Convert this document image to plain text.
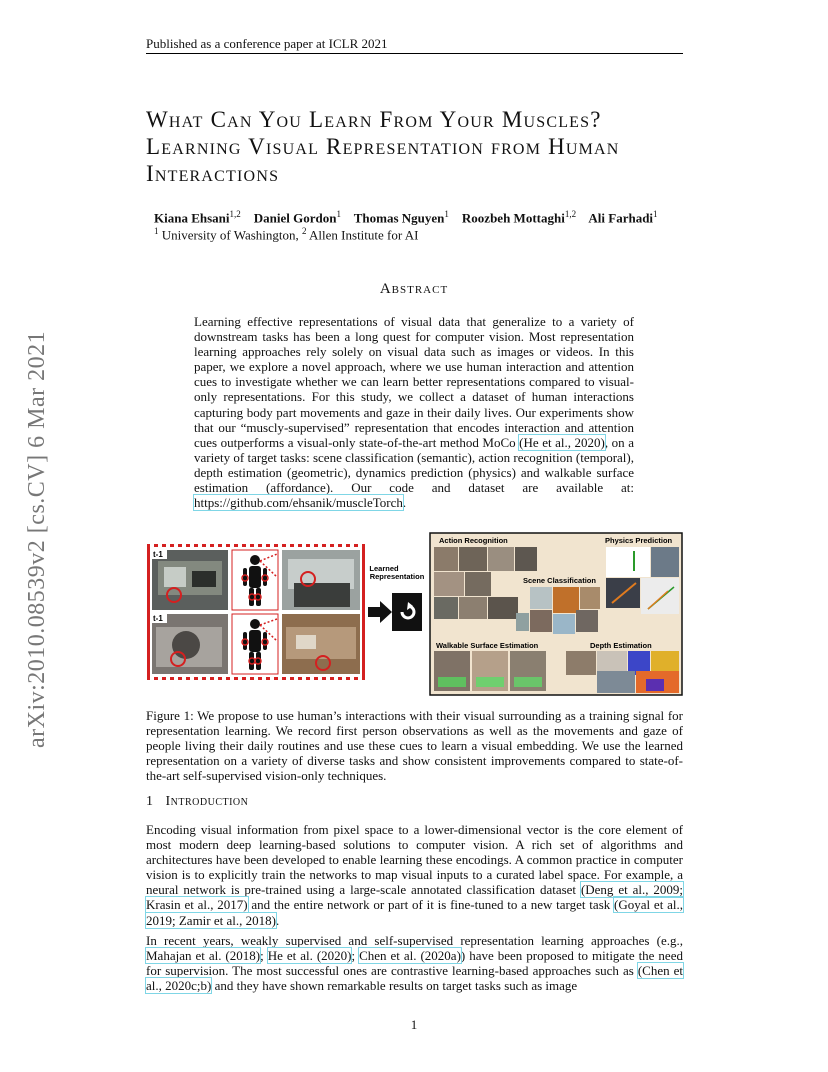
Published as a conference paper at ICLR 2021
What Can You Learn From Your Muscles?
Learning Visual Representation from Human
Interactions
Kiana Ehsani$^{1,2}$ Daniel Gordon$^1$ Thomas Nguyen$^1$ Roozbeh Mottaghi$^{1,2}$ Ali Farhadi$^1$
$^1$ University of Washington, $^2$ Allen Institute for AI
Abstract
Learning effective representations of visual data that generalize to a variety of downstream tasks has been a long quest for computer vision. Most representation learning approaches rely solely on visual data such as images or videos. In this paper, we explore a novel approach, where we use human interaction and attention cues to investigate whether we can learn better representations compared to visual-only representations. For this study, we collect a dataset of human interactions capturing body part movements and gaze in their daily lives. Our experiments show that our “muscly-supervised” representation that encodes interaction and attention cues outperforms a visual-only state-of-the-art method MoCo (He et al., 2020), on a variety of target tasks: scene classification (semantic), action recognition (temporal), depth estimation (geometric), dynamics prediction (physics) and walkable surface estimation (affordance). Our code and dataset are available at: https://github.com/ehsanik/muscleTorch.
arXiv:2010.08539v2 [cs.CV] 6 Mar 2021	t-1
t-1
Learned
Representation
Action Recognition	Physics Prediction
Scene Classification
Walkable Surface Estimation	Depth Estimation
Figure 1: We propose to use human’s interactions with their visual surrounding as a training signal for representation learning. We record first person observations as well as the movements and gaze of people living their daily routines and use these cues to learn a visual embedding. We use the learned representation on a variety of diverse tasks and show consistent improvements compared to state-of-the-art self-supervised vision-only techniques.
1 Introduction
Encoding visual information from pixel space to a lower-dimensional vector is the core element of most modern deep learning-based solutions to computer vision. A rich set of algorithms and architectures have been developed to enable learning these encodings. A common practice in computer vision is to explicitly train the networks to map visual inputs to a curated label space. For example, a neural network is pre-trained using a large-scale annotated classification dataset (Deng et al., 2009; Krasin et al., 2017) and the entire network or part of it is fine-tuned to a new target task (Goyal et al., 2019; Zamir et al., 2018).
In recent years, weakly supervised and self-supervised representation learning approaches (e.g., Mahajan et al. (2018); He et al. (2020); Chen et al. (2020a)) have been proposed to mitigate the need for supervision. The most successful ones are contrastive learning-based approaches such as (Chen et al., 2020c;b) and they have shown remarkable results on target tasks such as image
1
